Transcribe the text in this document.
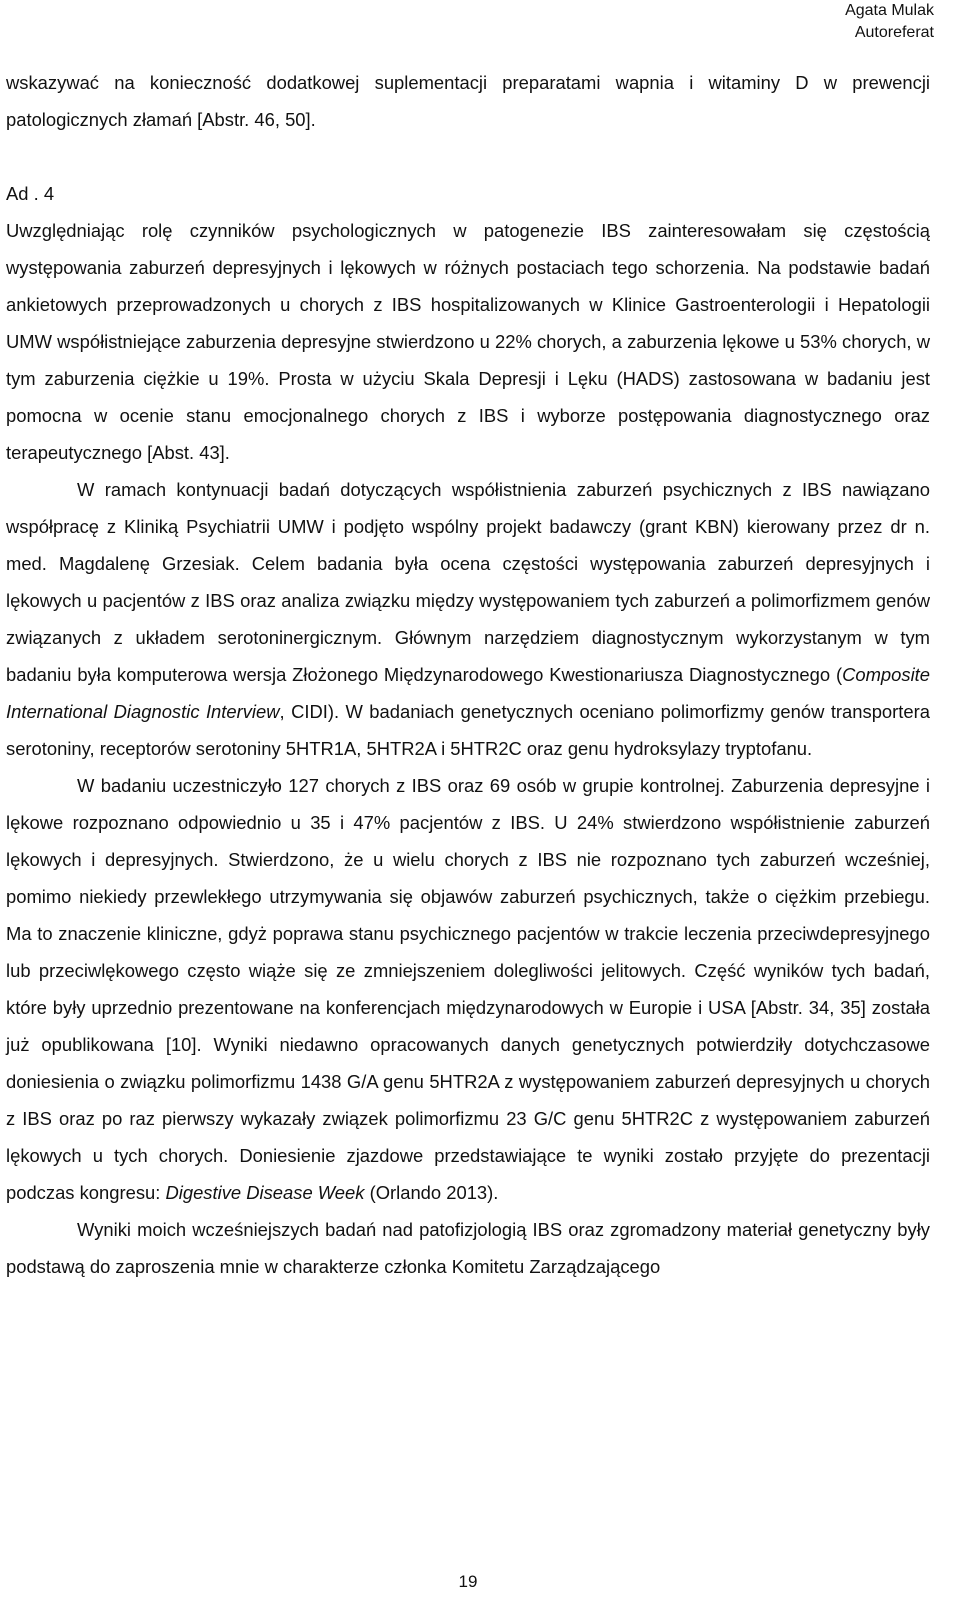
Agata Mulak
Autoreferat

wskazywać na konieczność dodatkowej suplementacji preparatami wapnia i witaminy D w prewencji patologicznych złamań [Abstr. 46, 50].

Ad . 4

Uwzględniając rolę czynników psychologicznych w patogenezie IBS zainteresowałam się częstością występowania zaburzeń depresyjnych i lękowych w różnych postaciach tego schorzenia. Na podstawie badań ankietowych przeprowadzonych u chorych z IBS hospitalizowanych w Klinice Gastroenterologii i Hepatologii UMW współistniejące zaburzenia depresyjne stwierdzono u 22% chorych, a zaburzenia lękowe u 53% chorych, w tym zaburzenia ciężkie u 19%. Prosta w użyciu Skala Depresji i Lęku (HADS) zastosowana w badaniu jest pomocna w ocenie stanu emocjonalnego chorych z IBS i wyborze postępowania diagnostycznego oraz terapeutycznego [Abst. 43].

W ramach kontynuacji badań dotyczących współistnienia zaburzeń psychicznych z IBS nawiązano współpracę z Kliniką Psychiatrii UMW i podjęto wspólny projekt badawczy (grant KBN) kierowany przez dr n. med. Magdalenę Grzesiak. Celem badania była ocena częstości występowania zaburzeń depresyjnych i lękowych u pacjentów z IBS oraz analiza związku między występowaniem tych zaburzeń a polimorfizmem genów związanych z układem serotoninergicznym. Głównym narzędziem diagnostycznym wykorzystanym w tym badaniu była komputerowa wersja Złożonego Międzynarodowego Kwestionariusza Diagnostycznego (Composite International Diagnostic Interview, CIDI). W badaniach genetycznych oceniano polimorfizmy genów transportera serotoniny, receptorów serotoniny 5HTR1A, 5HTR2A i 5HTR2C oraz genu hydroksylazy tryptofanu.

W badaniu uczestniczyło 127 chorych z IBS oraz 69 osób w grupie kontrolnej. Zaburzenia depresyjne i lękowe rozpoznano odpowiednio u 35 i 47% pacjentów z IBS. U 24% stwierdzono współistnienie zaburzeń lękowych i depresyjnych. Stwierdzono, że u wielu chorych z IBS nie rozpoznano tych zaburzeń wcześniej, pomimo niekiedy przewlekłego utrzymywania się objawów zaburzeń psychicznych, także o ciężkim przebiegu. Ma to znaczenie kliniczne, gdyż poprawa stanu psychicznego pacjentów w trakcie leczenia przeciwdepresyjnego lub przeciwlękowego często wiąże się ze zmniejszeniem dolegliwości jelitowych. Część wyników tych badań, które były uprzednio prezentowane na konferencjach międzynarodowych w Europie i USA [Abstr. 34, 35] została już opublikowana [10]. Wyniki niedawno opracowanych danych genetycznych potwierdziły dotychczasowe doniesienia o związku polimorfizmu 1438 G/A genu 5HTR2A z występowaniem zaburzeń depresyjnych u chorych z IBS oraz po raz pierwszy wykazały związek polimorfizmu 23 G/C genu 5HTR2C z występowaniem zaburzeń lękowych u tych chorych. Doniesienie zjazdowe przedstawiające te wyniki zostało przyjęte do prezentacji podczas kongresu: Digestive Disease Week (Orlando 2013).

Wyniki moich wcześniejszych badań nad patofizjologią IBS oraz zgromadzony materiał genetyczny były podstawą do zaproszenia mnie w charakterze członka Komitetu Zarządzającego

19
